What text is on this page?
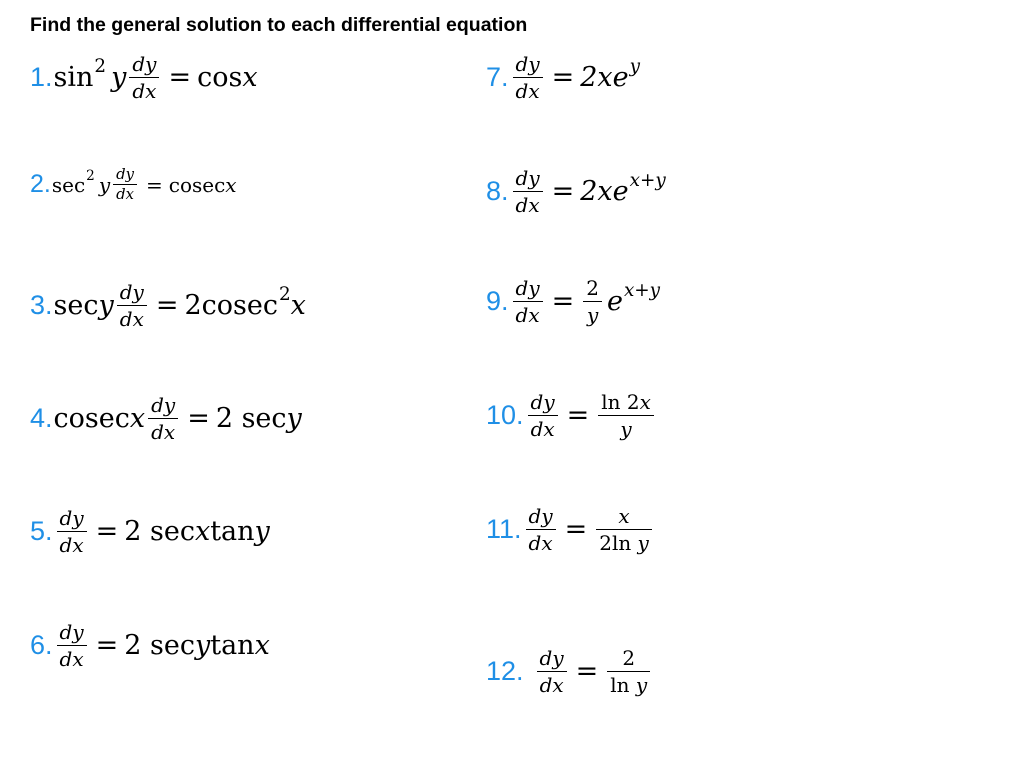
Find the general solution to each differential equation
1. sin 2 y $\frac{dy}{dx} = \cos x$
2. sec 2 y $\frac{dy}{dx} = cosec$ x
3. sec y $\frac{dy}{dx} = 2cosec$ 2 x
4. cosec x $\frac{dy}{dx} = 2$ sec y
5. $\frac{dy}{dx} = 2$ sec x tan y
6. $\frac{dy}{dx} = 2$ sec y tan x
7. $\frac{dy}{dx} = 2xe$ y
8. $\frac{dy}{dx} = 2xe$ x+y
9. $\frac{dy}{dx} = \frac{2}{y}$ e x+y
10. $\frac{dy}{dx} = \frac{\ln 2x}{y}$
11. $\frac{dy}{dx} = \frac{x}{\text{2ln y}}$
12. $\frac{dy}{dx} = \frac{2}{\text{ln y}}$
